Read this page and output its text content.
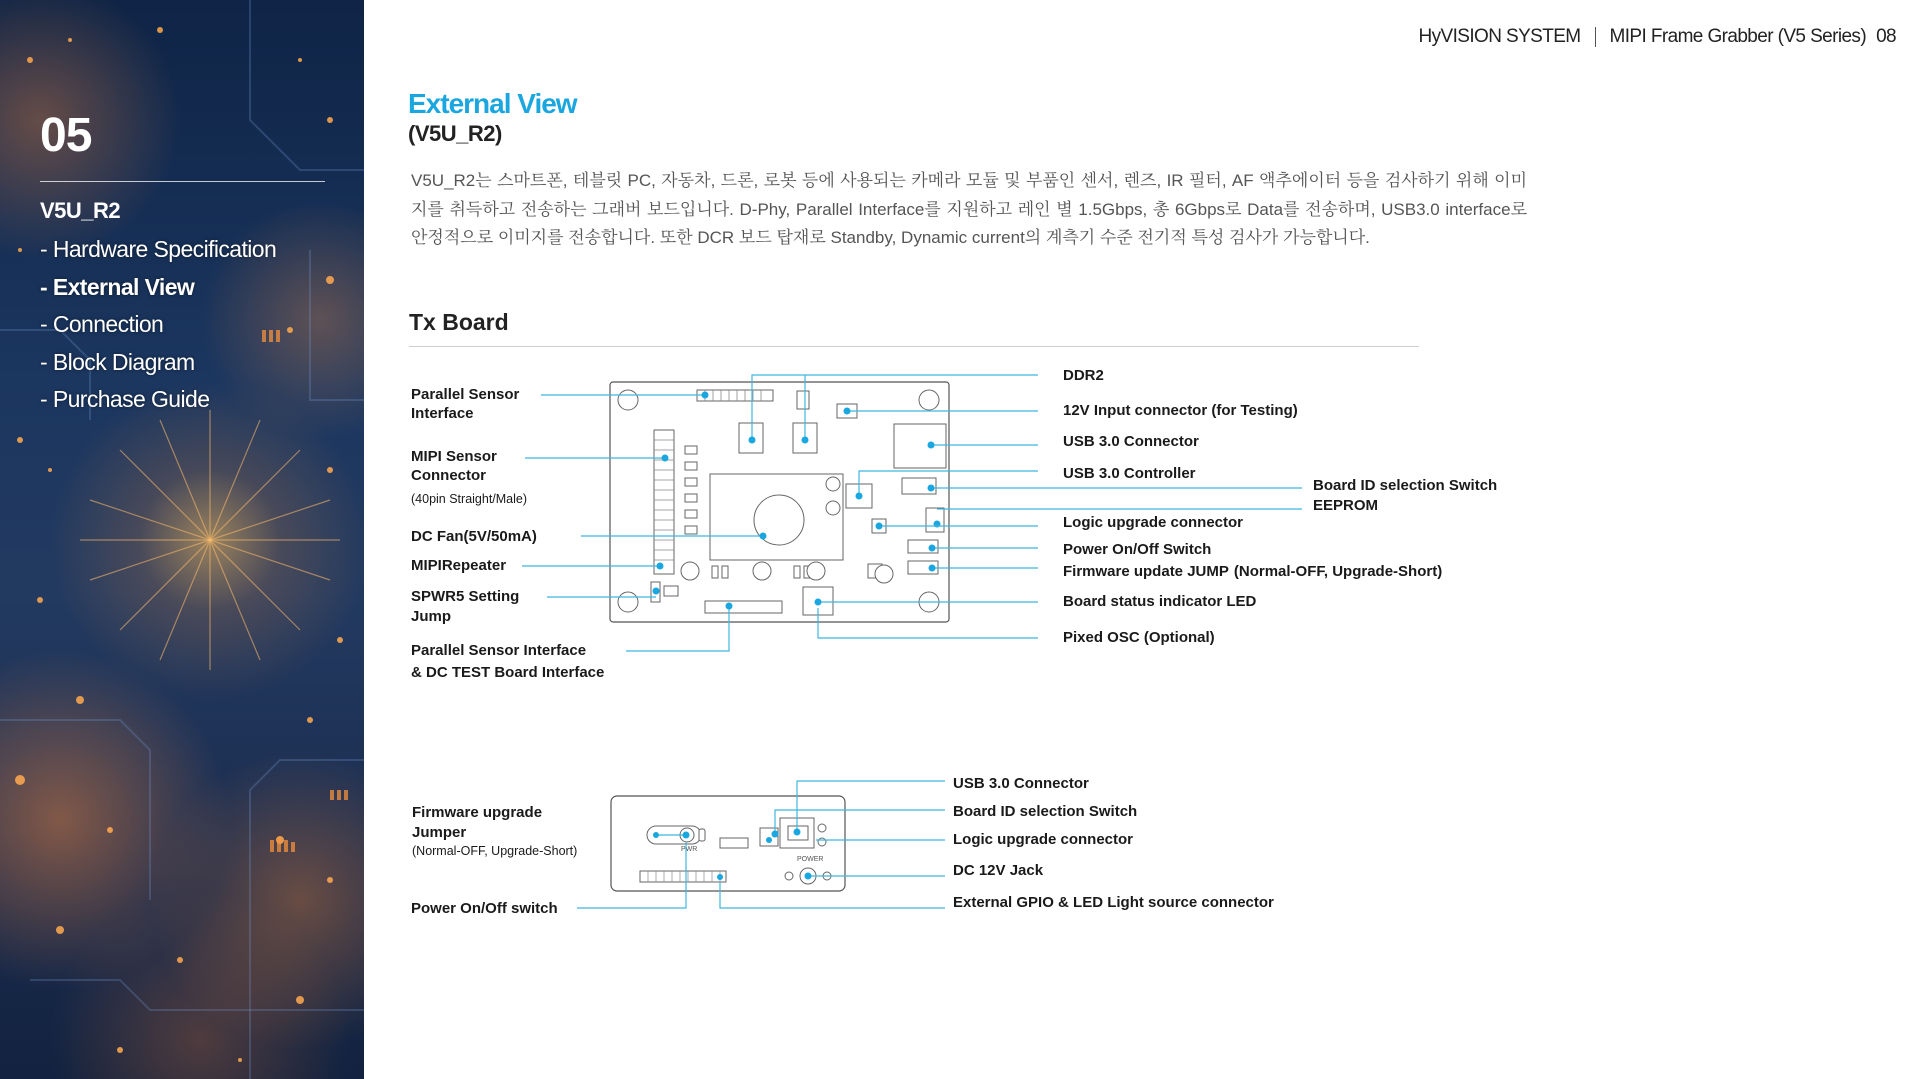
05
V5U_R2
- Hardware Specification
- External View
- Connection
- Block Diagram
- Purchase Guide
HyVISION SYSTEM MIPI Frame Grabber (V5 Series) 08
External View
(V5U_R2)

V5U_R2는 스마트폰, 테블릿 PC, 자동차, 드론, 로봇 등에 사용되는 카메라 모듈 및 부품인 센서, 렌즈, IR 필터, AF 액추에이터 등을 검사하기 위해 이미지를 취득하고 전송하는 그래버 보드입니다. D-Phy, Parallel Interface를 지원하고 레인 별 1.5Gbps, 총 6Gbps로 Data를 전송하며, USB3.0 interface로 안정적으로 이미지를 전송합니다. 또한 DCR 보드 탑재로 Standby, Dynamic current의 계측기 수준 전기적 특성 검사가 가능합니다.

Tx Board
Parallel Sensor
Interface
MIPI Sensor
Connector
(40pin Straight/Male)
DC Fan(5V/50mA)
MIPIRepeater
SPWR5 Setting
Jump
Parallel Sensor Interface
& DC TEST Board Interface
DDR2
12V Input connector (for Testing)
USB 3.0 Connector
USB 3.0 Controller
Board ID selection Switch
EEPROM
Logic upgrade connector
Power On/Off Switch
Firmware update JUMP (Normal-OFF, Upgrade-Short)
Board status indicator LED
Pixed OSC (Optional)
PWR
POWER
Firmware upgrade
Jumper
(Normal-OFF, Upgrade-Short)
Power On/Off switch
USB 3.0 Connector
Board ID selection Switch
Logic upgrade connector
DC 12V Jack
External GPIO & LED Light source connector
